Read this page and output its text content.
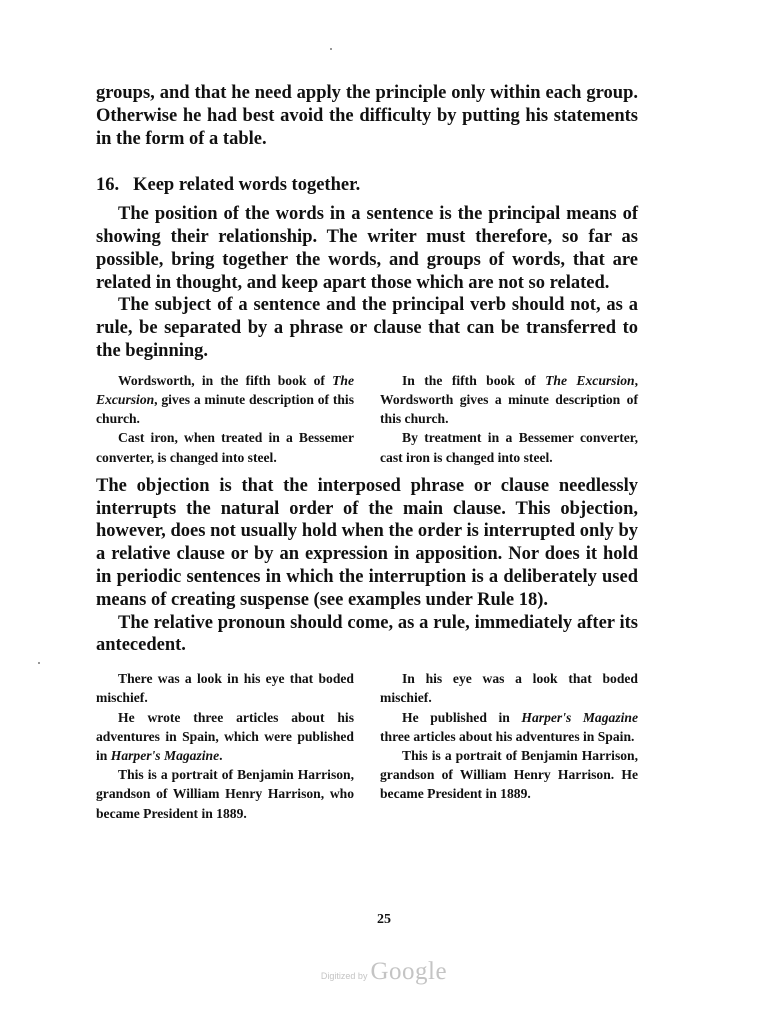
groups, and that he need apply the principle only within each group. Otherwise he had best avoid the difficulty by putting his statements in the form of a table.

16. Keep related words together.

The position of the words in a sentence is the principal means of showing their relationship. The writer must therefore, so far as possible, bring together the words, and groups of words, that are related in thought, and keep apart those which are not so related.

The subject of a sentence and the principal verb should not, as a rule, be separated by a phrase or clause that can be transferred to the beginning.

Wordsworth, in the fifth book of The Excursion, gives a minute description of this church.

Cast iron, when treated in a Bessemer converter, is changed into steel.

In the fifth book of The Excursion, Wordsworth gives a minute description of this church.

By treatment in a Bessemer converter, cast iron is changed into steel.

The objection is that the interposed phrase or clause needlessly interrupts the natural order of the main clause. This objection, however, does not usually hold when the order is interrupted only by a relative clause or by an expression in apposition. Nor does it hold in periodic sentences in which the interruption is a deliberately used means of creating suspense (see examples under Rule 18).

The relative pronoun should come, as a rule, immediately after its antecedent.

There was a look in his eye that boded mischief.

He wrote three articles about his adventures in Spain, which were published in Harper's Magazine.

This is a portrait of Benjamin Harrison, grandson of William Henry Harrison, who became President in 1889.

In his eye was a look that boded mischief.

He published in Harper's Magazine three articles about his adventures in Spain.

This is a portrait of Benjamin Harrison, grandson of William Henry Harrison. He became President in 1889.

25
Digitized by Google
